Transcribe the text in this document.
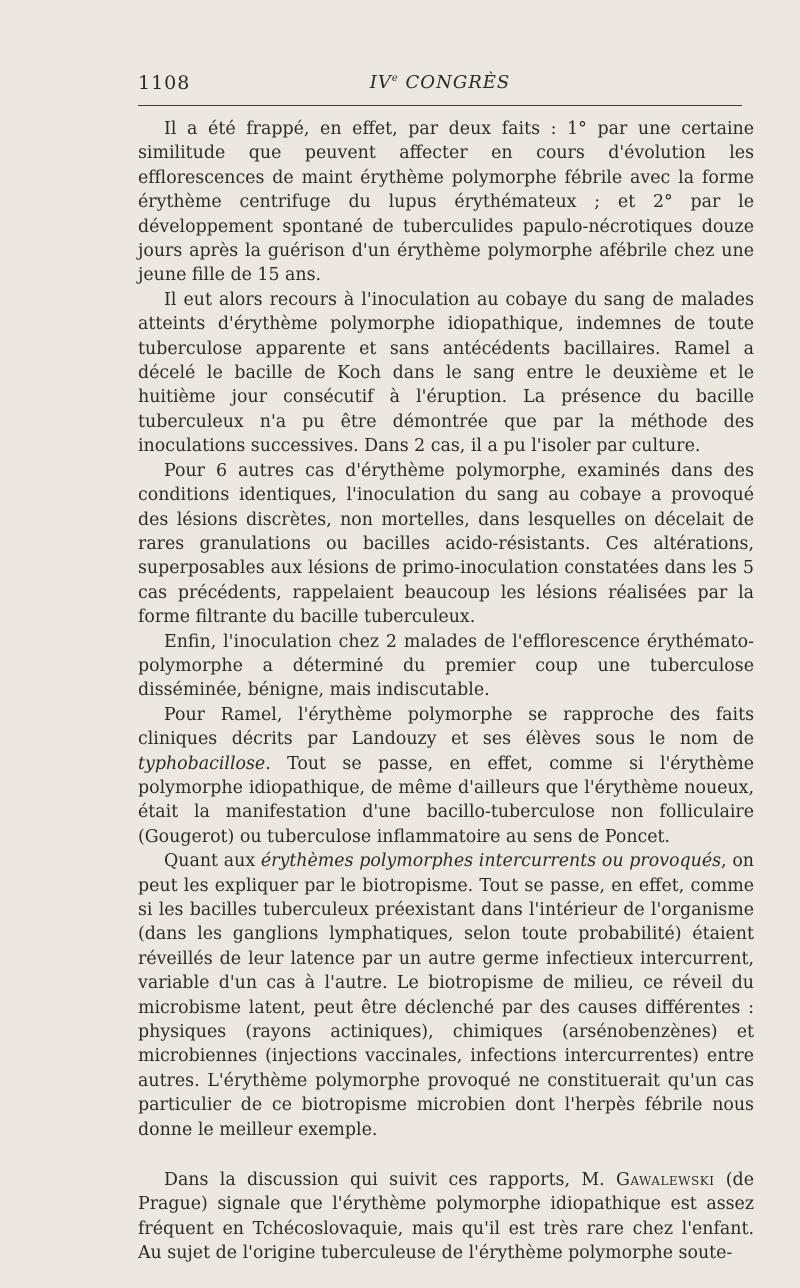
1108	IVe CONGRÈS

Il a été frappé, en effet, par deux faits : 1° par une certaine similitude que peuvent affecter en cours d'évolution les efflorescences de maint érythème polymorphe fébrile avec la forme érythème centrifuge du lupus érythémateux ; et 2° par le développement spontané de tuberculides papulo-nécrotiques douze jours après la guérison d'un érythème polymorphe afébrile chez une jeune fille de 15 ans.

Il eut alors recours à l'inoculation au cobaye du sang de malades atteints d'érythème polymorphe idiopathique, indemnes de toute tuberculose apparente et sans antécédents bacillaires. Ramel a décelé le bacille de Koch dans le sang entre le deuxième et le huitième jour consécutif à l'éruption. La présence du bacille tuberculeux n'a pu être démontrée que par la méthode des inoculations successives. Dans 2 cas, il a pu l'isoler par culture.

Pour 6 autres cas d'érythème polymorphe, examinés dans des conditions identiques, l'inoculation du sang au cobaye a provoqué des lésions discrètes, non mortelles, dans lesquelles on décelait de rares granulations ou bacilles acido-résistants. Ces altérations, superposables aux lésions de primo-inoculation constatées dans les 5 cas précédents, rappelaient beaucoup les lésions réalisées par la forme filtrante du bacille tuberculeux.

Enfin, l'inoculation chez 2 malades de l'efflorescence érythémato-polymorphe a déterminé du premier coup une tuberculose disséminée, bénigne, mais indiscutable.

Pour Ramel, l'érythème polymorphe se rapproche des faits cliniques décrits par Landouzy et ses élèves sous le nom de typhobacillose. Tout se passe, en effet, comme si l'érythème polymorphe idiopathique, de même d'ailleurs que l'érythème noueux, était la manifestation d'une bacillo-tuberculose non folliculaire (Gougerot) ou tuberculose inflammatoire au sens de Poncet.

Quant aux érythèmes polymorphes intercurrents ou provoqués, on peut les expliquer par le biotropisme. Tout se passe, en effet, comme si les bacilles tuberculeux préexistant dans l'intérieur de l'organisme (dans les ganglions lymphatiques, selon toute probabilité) étaient réveillés de leur latence par un autre germe infectieux intercurrent, variable d'un cas à l'autre. Le biotropisme de milieu, ce réveil du microbisme latent, peut être déclenché par des causes différentes : physiques (rayons actiniques), chimiques (arsénobenzènes) et microbiennes (injections vaccinales, infections intercurrentes) entre autres. L'érythème polymorphe provoqué ne constituerait qu'un cas particulier de ce biotropisme microbien dont l'herpès fébrile nous donne le meilleur exemple.

Dans la discussion qui suivit ces rapports, M. Gawalewski (de Prague) signale que l'érythème polymorphe idiopathique est assez fréquent en Tchécoslovaquie, mais qu'il est très rare chez l'enfant. Au sujet de l'origine tuberculeuse de l'érythème polymorphe soute-
